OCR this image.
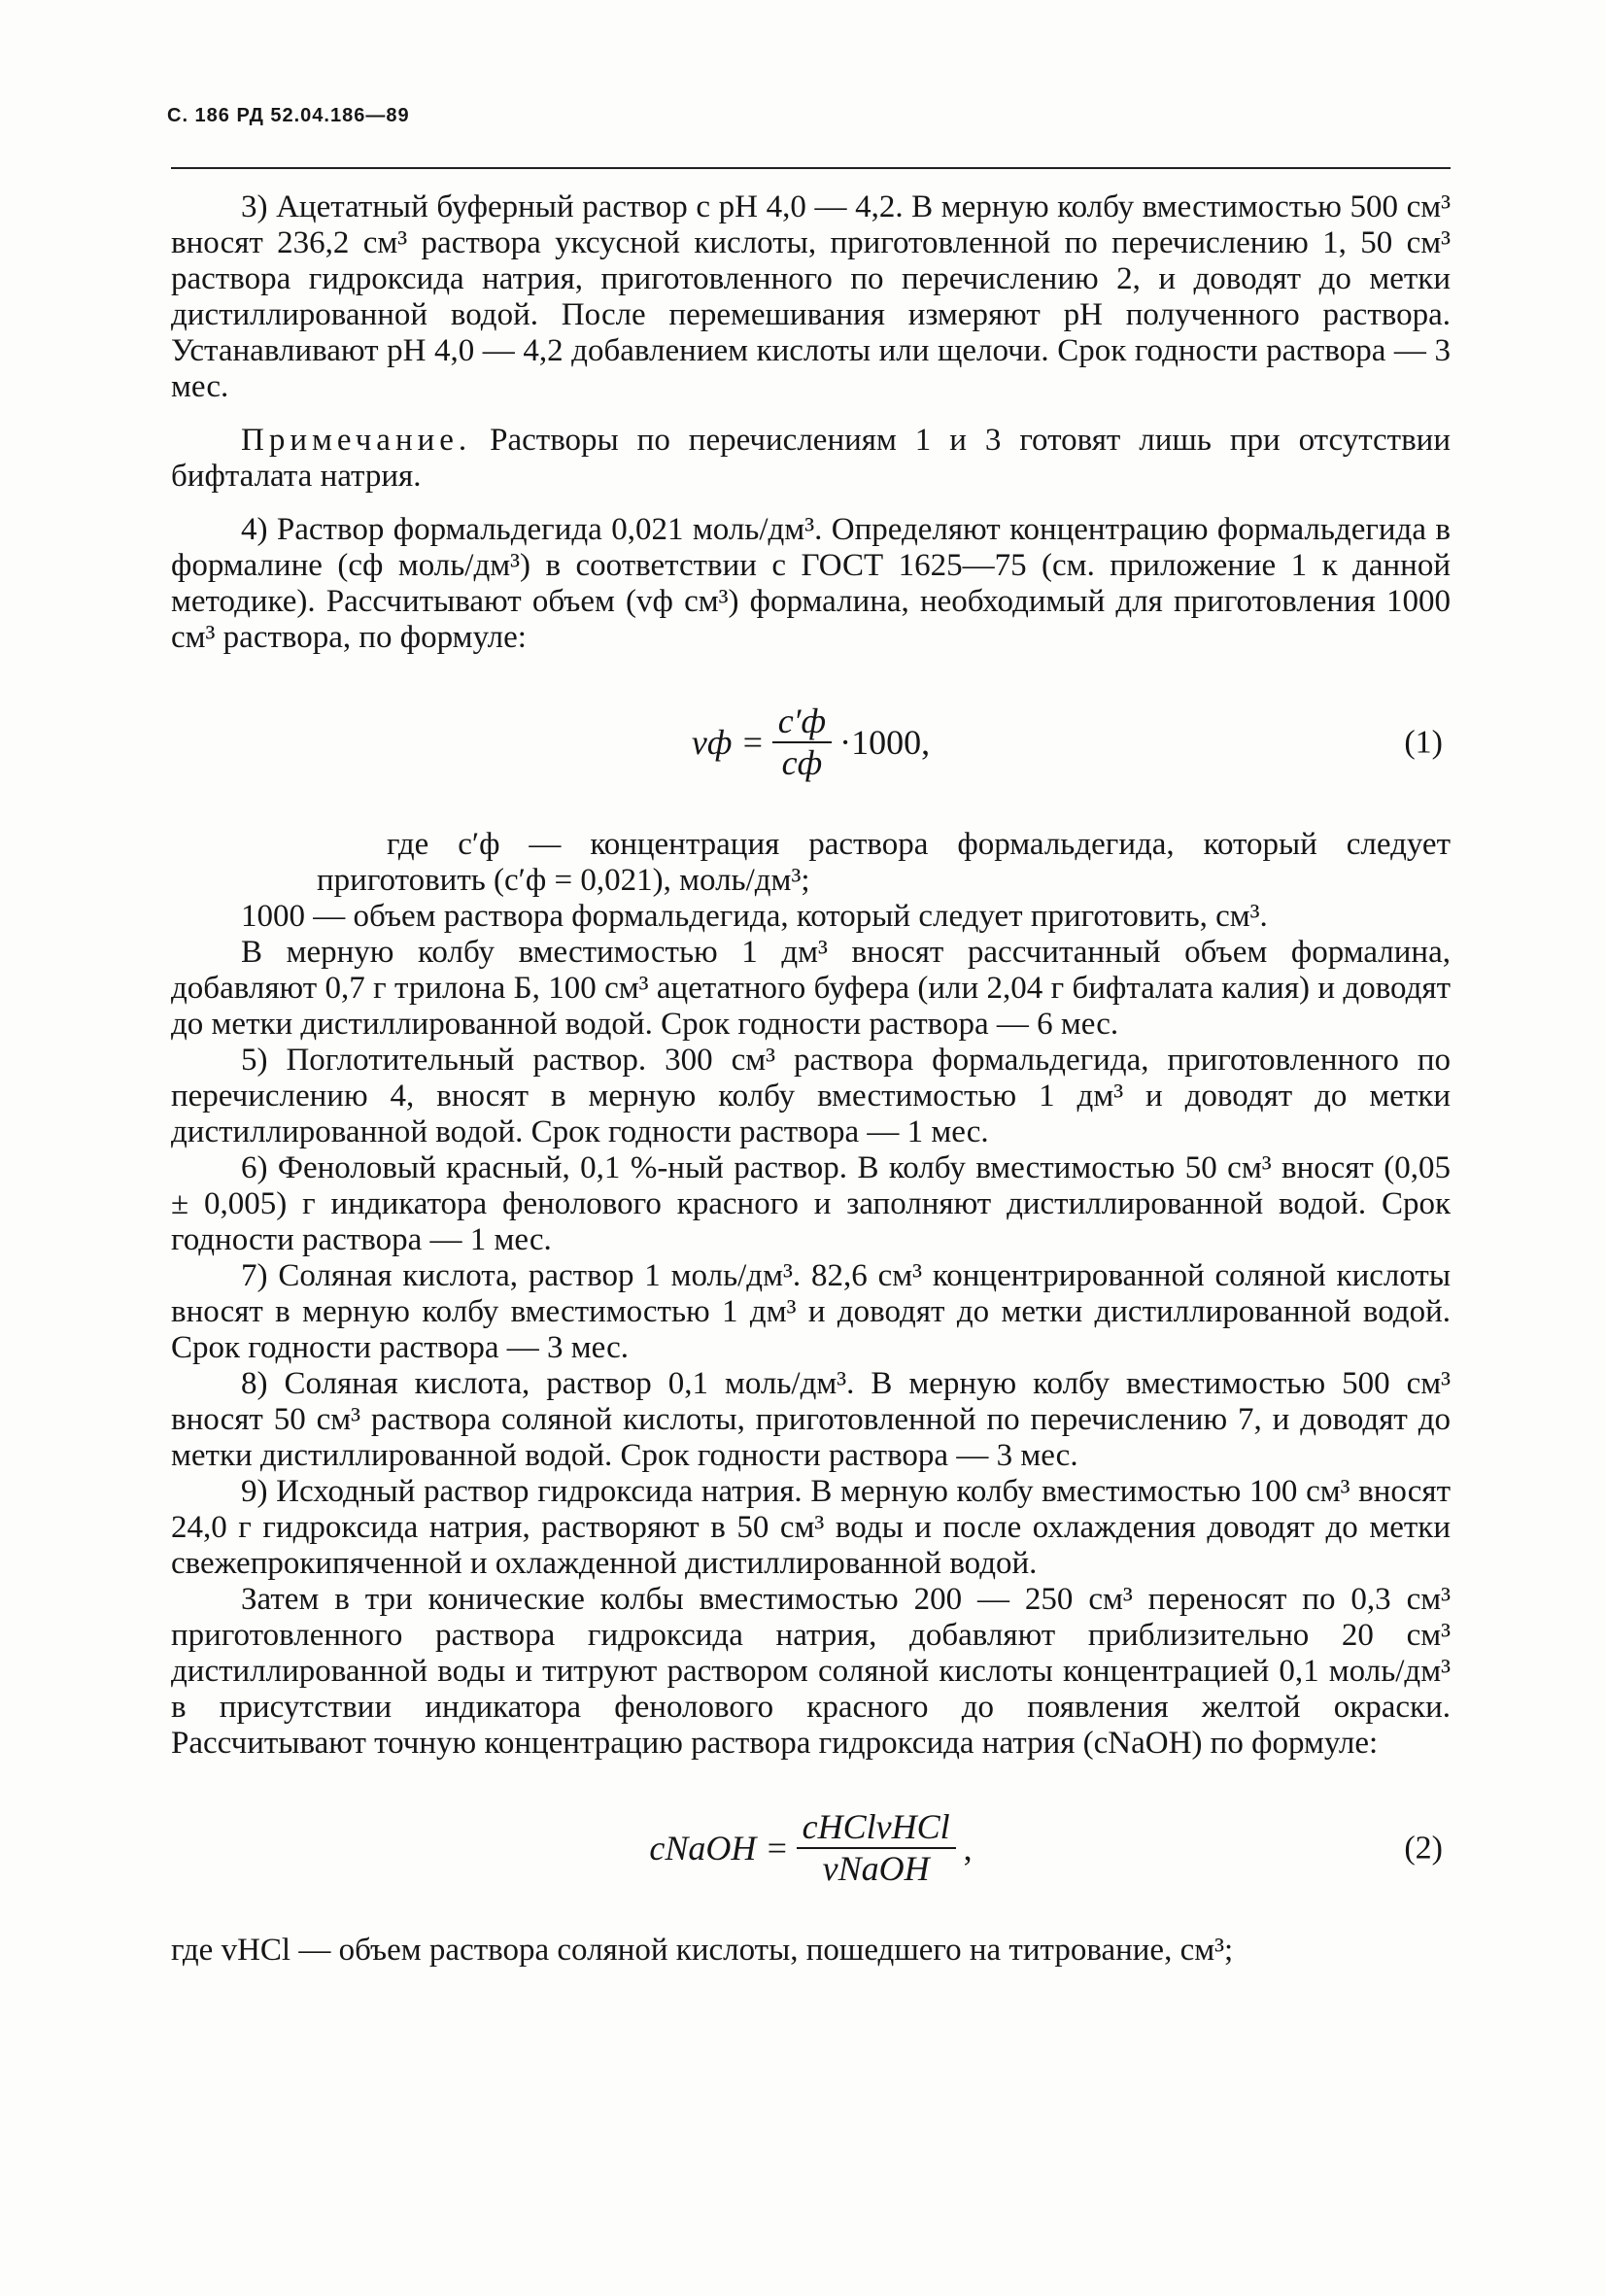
С. 186 РД 52.04.186—89

3) Ацетатный буферный раствор с рН 4,0 — 4,2. В мерную колбу вместимостью 500 см³ вносят 236,2 см³ раствора уксусной кислоты, приготовленной по перечислению 1, 50 см³ раствора гидроксида натрия, приготовленного по перечислению 2, и доводят до метки дистиллированной водой. После перемешивания измеряют рН полученного раствора. Устанавливают рН 4,0 — 4,2 добавлением кислоты или щелочи. Срок годности раствора — 3 мес.

Примечание. Растворы по перечислениям 1 и 3 готовят лишь при отсутствии бифталата натрия.

4) Раствор формальдегида 0,021 моль/дм³. Определяют концентрацию формальдегида в формалине (cф моль/дм³) в соответствии с ГОСТ 1625—75 (см. приложение 1 к данной методике). Рассчитывают объем (vф см³) формалина, необходимый для приготовления 1000 см³ раствора, по формуле:

vф = $\frac{c'ф}{cф} \cdot 1000$,	(1)

где c′ф — концентрация раствора формальдегида, который следует приготовить (c′ф = 0,021), моль/дм³;

1000 — объем раствора формальдегида, который следует приготовить, см³.

В мерную колбу вместимостью 1 дм³ вносят рассчитанный объем формалина, добавляют 0,7 г трилона Б, 100 см³ ацетатного буфера (или 2,04 г бифталата калия) и доводят до метки дистиллированной водой. Срок годности раствора — 6 мес.

5) Поглотительный раствор. 300 см³ раствора формальдегида, приготовленного по перечислению 4, вносят в мерную колбу вместимостью 1 дм³ и доводят до метки дистиллированной водой. Срок годности раствора — 1 мес.

6) Феноловый красный, 0,1 %-ный раствор. В колбу вместимостью 50 см³ вносят (0,05 ± 0,005) г индикатора фенолового красного и заполняют дистиллированной водой. Срок годности раствора — 1 мес.

7) Соляная кислота, раствор 1 моль/дм³. 82,6 см³ концентрированной соляной кислоты вносят в мерную колбу вместимостью 1 дм³ и доводят до метки дистиллированной водой. Срок годности раствора — 3 мес.

8) Соляная кислота, раствор 0,1 моль/дм³. В мерную колбу вместимостью 500 см³ вносят 50 см³ раствора соляной кислоты, приготовленной по перечислению 7, и доводят до метки дистиллированной водой. Срок годности раствора — 3 мес.

9) Исходный раствор гидроксида натрия. В мерную колбу вместимостью 100 см³ вносят 24,0 г гидроксида натрия, растворяют в 50 см³ воды и после охлаждения доводят до метки свежепрокипяченной и охлажденной дистиллированной водой.

Затем в три конические колбы вместимостью 200 — 250 см³ переносят по 0,3 см³ приготовленного раствора гидроксида натрия, добавляют приблизительно 20 см³ дистиллированной воды и титруют раствором соляной кислоты концентрацией 0,1 моль/дм³ в присутствии индикатора фенолового красного до появления желтой окраски. Рассчитывают точную концентрацию раствора гидроксида натрия (cNaOH) по формуле:

cNaOH = $\frac{\text{cHClvHCl}}{\text{vNaOH}}$ ,	(2)

где vHCl — объем раствора соляной кислоты, пошедшего на титрование, см³;
